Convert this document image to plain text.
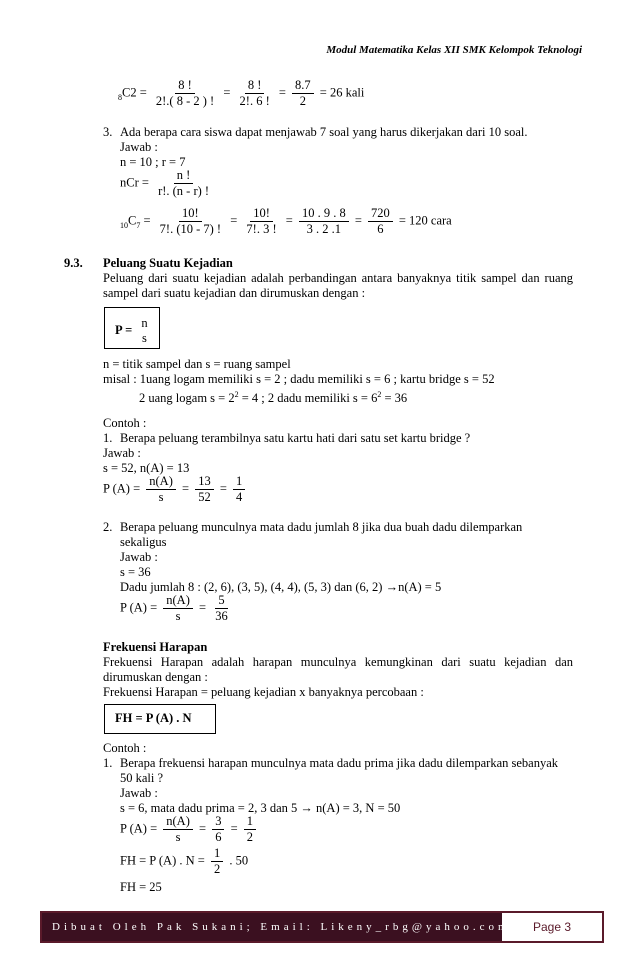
Modul Matematika Kelas XII SMK Kelompok Teknologi
$_8C2 = \frac{8 !}{2!.( 8 - 2 ) !} = \frac{8 !}{2!. 6 !} = \frac{8.7}{2} = 26$ kali
3. Ada berapa cara siswa dapat menjawab 7 soal yang harus dikerjakan dari 10 soal.
Jawab :
n = 10 ; r = 7
nCr = $\frac{n !}{r!. (n - r) !}$
$_{10}C_7 = \frac{10!}{7!. (10 - 7) !} = \frac{10!}{7!. 3 !} = \frac{10 . 9 . 8}{3 . 2 .1} = \frac{720}{6} = 120$ cara
9.3. Peluang Suatu Kejadian
Peluang dari suatu kejadian adalah perbandingan antara banyaknya titik sampel dan ruang sampel dari suatu kejadian dan dirumuskan dengan :
P = n
s
n = titik sampel dan s = ruang sampel
misal : 1uang logam memiliki s = 2 ; dadu memiliki s = 6 ; kartu bridge s = 52
2 uang logam $s = 2^2 = 4$ ; 2 dadu memiliki $s = 6^2 = 36$
Contoh :
1. Berapa peluang terambilnya satu kartu hati dari satu set kartu bridge ?
Jawab :
s = 52, n(A) = 13
P $(A) = \frac{n(A)}{s} = \frac{13}{52} = \frac{1}{4}$
2. Berapa peluang munculnya mata dadu jumlah 8 jika dua buah dadu dilemparkan
sekaligus
Jawab :
s = 36
Dadu jumlah 8 : (2, 6), (3, 5), (4, 4), (5, 3) dan (6, 2) →n(A) = 5
P $(A) = \frac{n(A)}{s} = \frac{5}{36}$
Frekuensi Harapan
Frekuensi Harapan adalah harapan munculnya kemungkinan dari suatu kejadian dan dirumuskan dengan :
Frekuensi Harapan = peluang kejadian x banyaknya percobaan :
FH = P (A) . N
Contoh :
1. Berapa frekuensi harapan munculnya mata dadu prima jika dadu dilemparkan sebanyak
50 kali ?
Jawab :
s = 6, mata dadu prima = 2, 3 dan 5 → n(A) = 3, N = 50
P $(A) = \frac{n(A)}{s} = \frac{3}{6} = \frac{1}{2}$
FH = P (A) . $N = \frac{1}{2}$ . 50
FH = 25
Dibuat Oleh Pak Sukani; Email: Likeny_rbg@yahoo.com	Page 3
